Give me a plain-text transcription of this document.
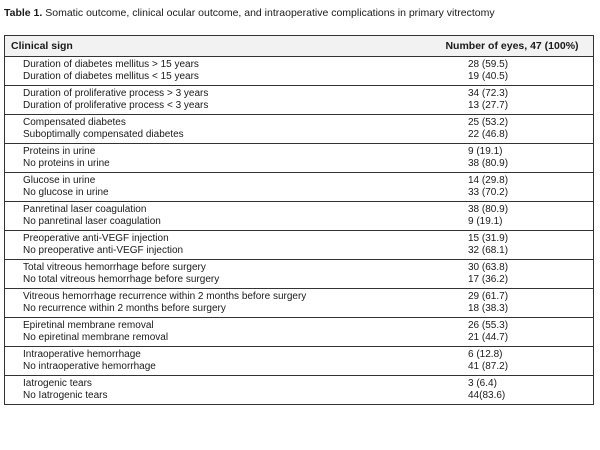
Table 1. Somatic outcome, clinical ocular outcome, and intraoperative complications in primary vitrectomy
Clinical sign	Number of eyes, 47 (100%)
Duration of diabetes mellitus > 15 years	28 (59.5)
Duration of diabetes mellitus < 15 years	19 (40.5)
Duration of proliferative process > 3 years	34 (72.3)
Duration of proliferative process < 3 years	13 (27.7)
Compensated diabetes	25 (53.2)
Suboptimally compensated diabetes	22 (46.8)
Proteins in urine	9 (19.1)
No proteins in urine	38 (80.9)
Glucose in urine	14 (29.8)
No glucose in urine	33 (70.2)
Panretinal laser coagulation	38 (80.9)
No panretinal laser coagulation	9 (19.1)
Preoperative anti-VEGF injection	15 (31.9)
No preoperative anti-VEGF injection	32 (68.1)
Total vitreous hemorrhage before surgery	30 (63.8)
No total vitreous hemorrhage before surgery	17 (36.2)
Vitreous hemorrhage recurrence within 2 months before surgery	29 (61.7)
No recurrence within 2 months before surgery	18 (38.3)
Epiretinal membrane removal	26 (55.3)
No epiretinal membrane removal	21 (44.7)
Intraoperative hemorrhage	6 (12.8)
No intraoperative hemorrhage	41 (87.2)
Iatrogenic tears	3 (6.4)
No Iatrogenic tears	44(83.6)
